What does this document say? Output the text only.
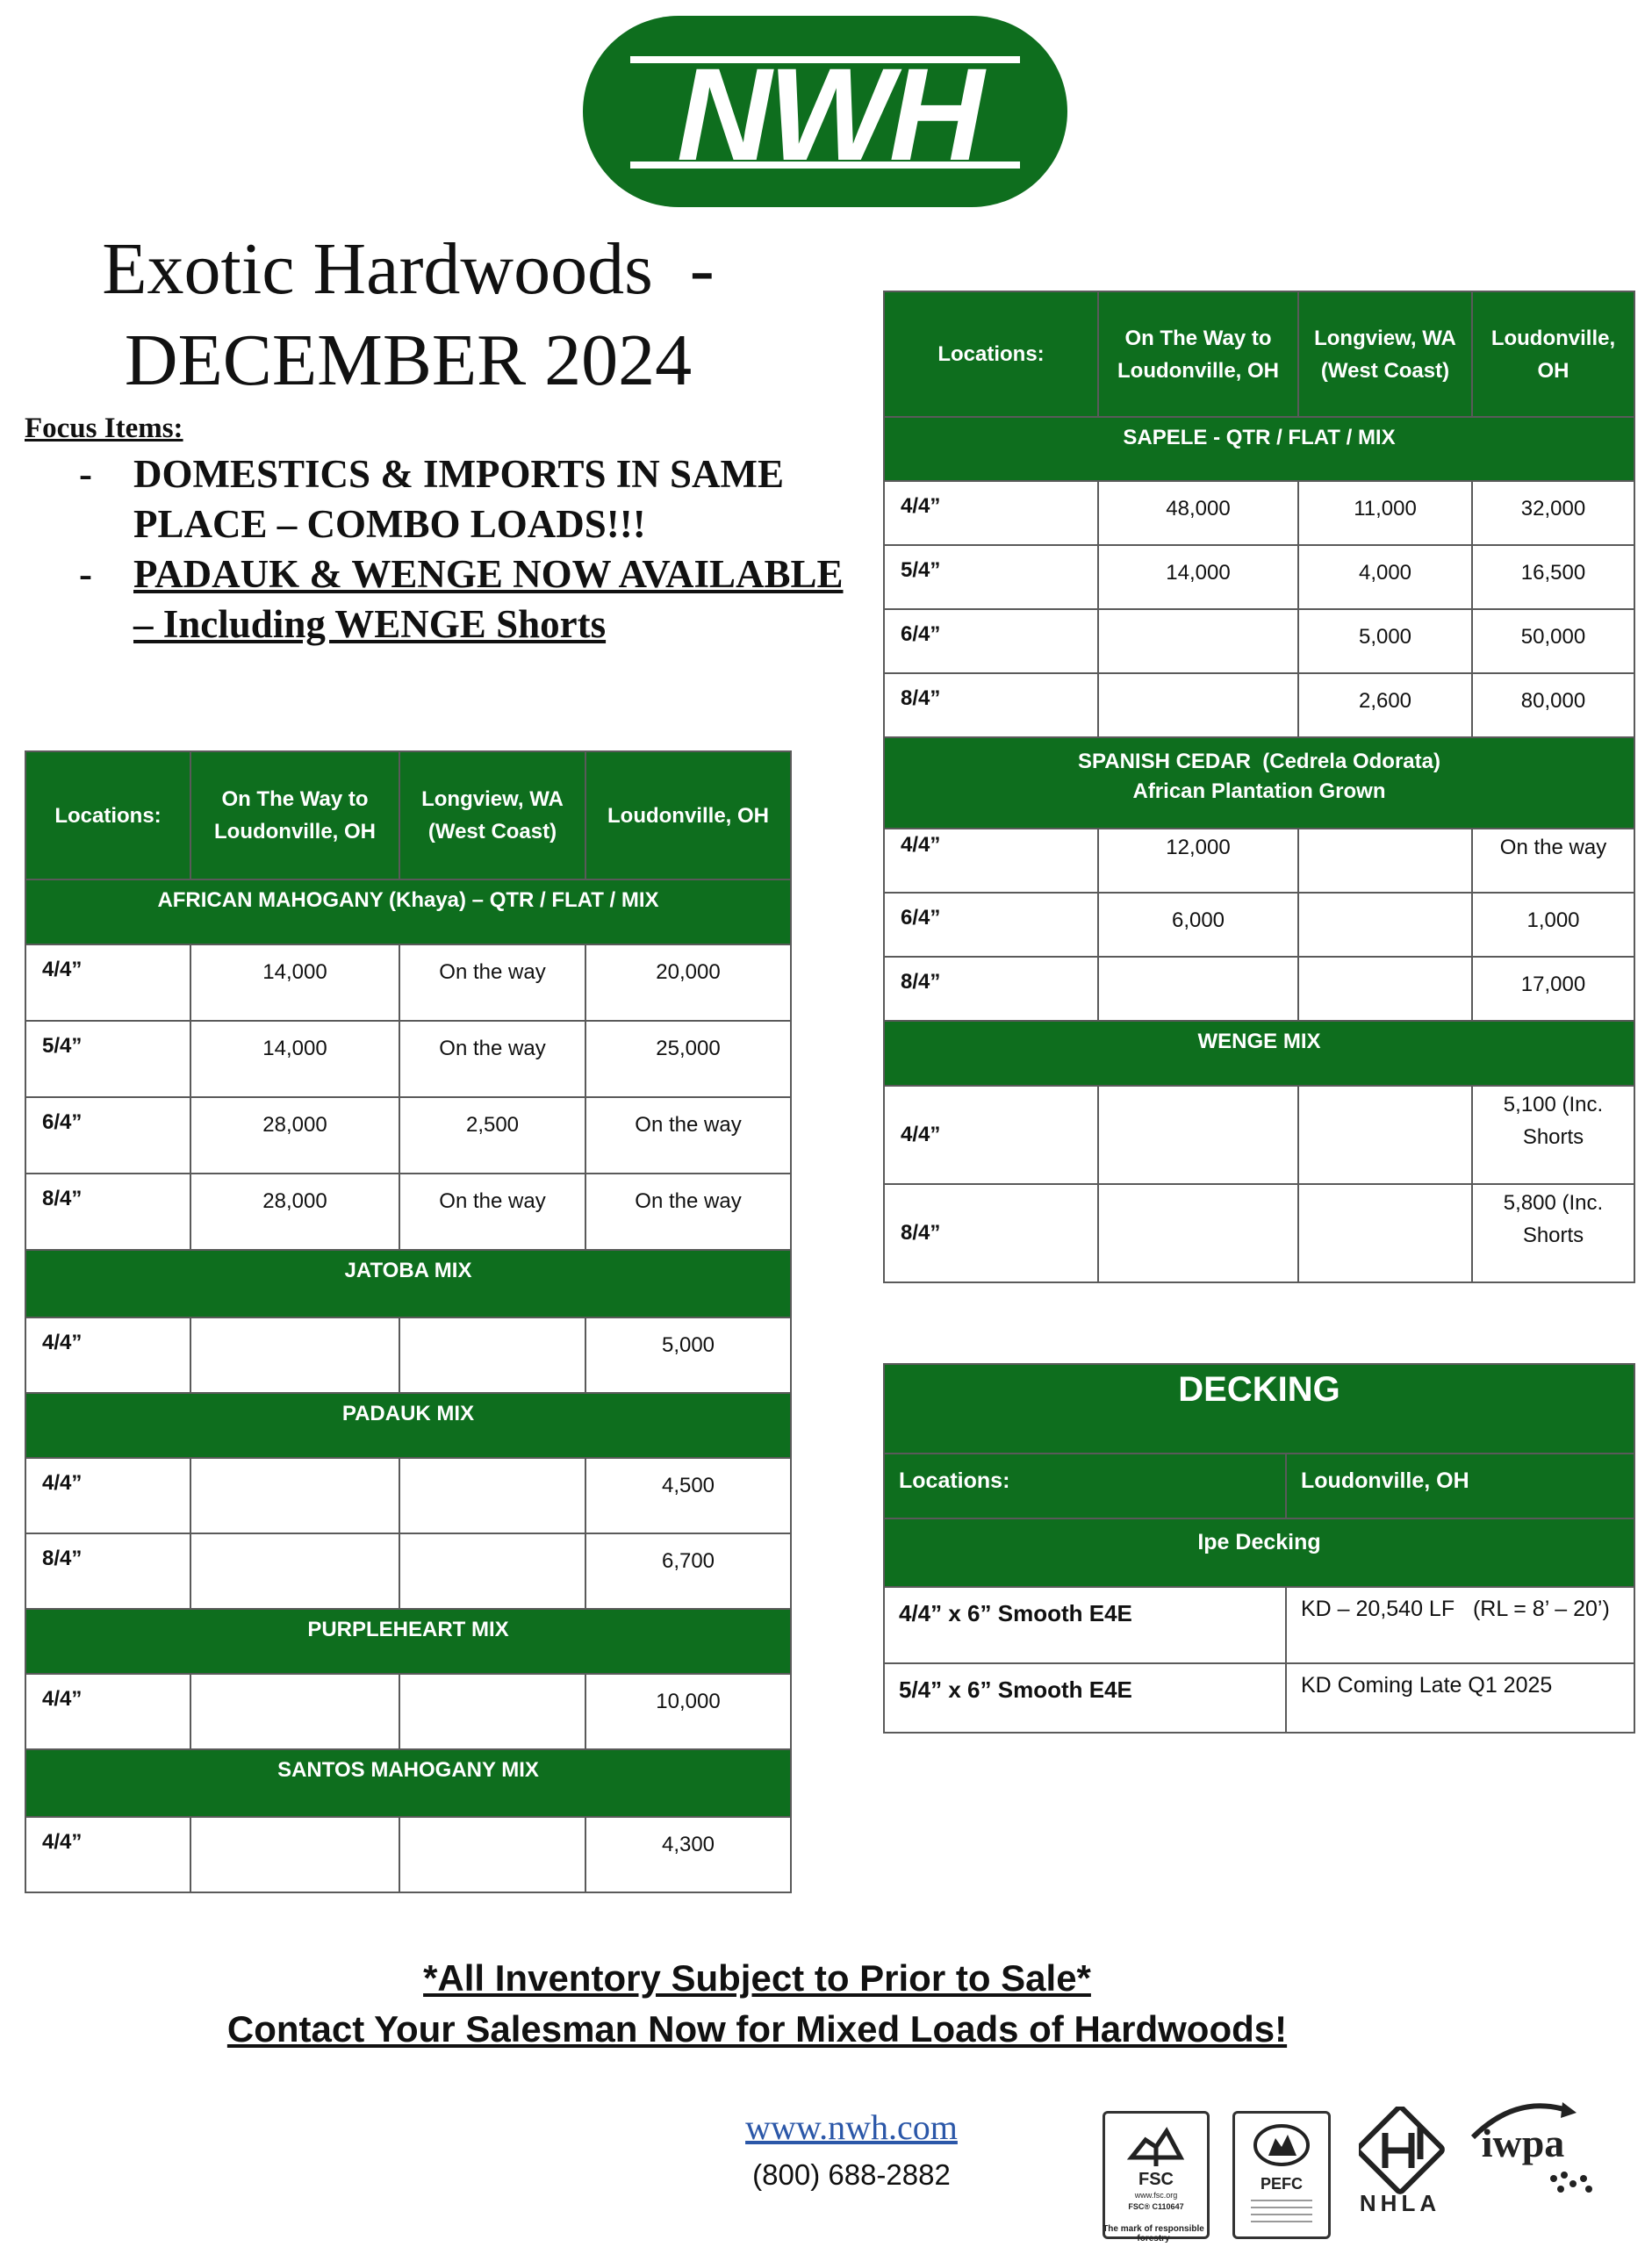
NWH
Exotic Hardwoods  -
DECEMBER 2024
Focus Items:
- DOMESTICS & IMPORTS IN SAME PLACE – COMBO LOADS!!!
- PADAUK & WENGE NOW AVAILABLE – Including WENGE Shorts
Locations:	On The Way to Loudonville, OH	Longview, WA (West Coast)	Loudonville, OH
AFRICAN MAHOGANY (Khaya) – QTR / FLAT / MIX			
4/4”	14,000	On the way	20,000
5/4”	14,000	On the way	25,000
6/4”	28,000	2,500	On the way
8/4”	28,000	On the way	On the way
JATOBA MIX			
4/4”			5,000
PADAUK MIX			
4/4”			4,500
8/4”			6,700
PURPLEHEART MIX			
4/4”			10,000
SANTOS MAHOGANY MIX			
4/4”			4,300
Locations:	On The Way to Loudonville, OH	Longview, WA (West Coast)	Loudonville, OH
SAPELE - QTR / FLAT / MIX			
4/4”	48,000	11,000	32,000
5/4”	14,000	4,000	16,500
6/4”		5,000	50,000
8/4”		2,600	80,000

SPANISH CEDAR  (Cedrela Odorata)
African Plantation Grown			

4/4”	12,000		On the way
6/4”	6,000		1,000
8/4”			17,000
WENGE MIX			
4/4”			5,100 (Inc. Shorts
8/4”			5,800 (Inc. Shorts
DECKING	
Locations:	Loudonville, OH
Ipe Decking	
4/4” x 6” Smooth E4E	KD – 20,540 LF   (RL = 8’ – 20’)
5/4” x 6” Smooth E4E	KD Coming Late Q1 2025
*All Inventory Subject to Prior to Sale*
Contact Your Salesman Now for Mixed Loads of Hardwoods!
www.nwh.com
(800) 688-2882	FSC
www.fsc.org
FSC® C110647
The mark of responsible forestry
PEFC
NHLA
iwpa
